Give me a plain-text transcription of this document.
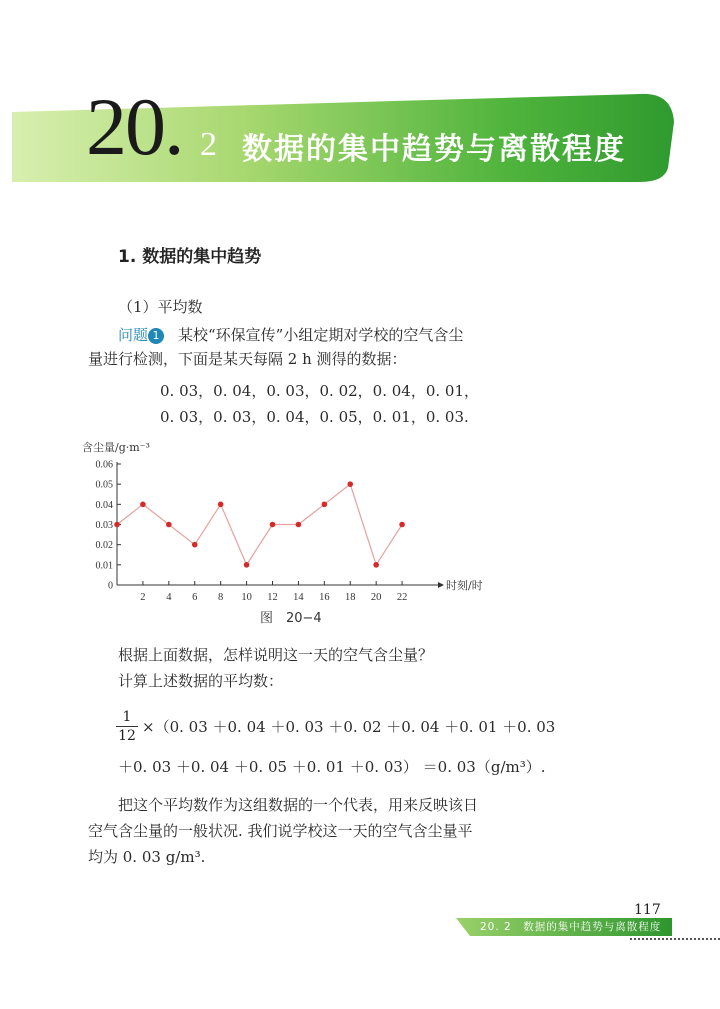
20. 2 数据的集中趋势与离散程度
1. 数据的集中趋势
（1）平均数
问题 1 某校“环保宣传”小组定期对学校的空气含尘
量进行检测，下面是某天每隔 2 h 测得的数据：
0. 03，0. 04，0. 03，0. 02，0. 04，0. 01，
0. 03，0. 03，0. 04，0. 05，0. 01，0. 03.
含尘量/g·m⁻³
时刻/时
0
0.01
0.02
0.03
0.04
0.05
0.06
2 4 6 8 10 12 14 16 18 20 22
图　20−4
根据上面数据，怎样说明这一天的空气含尘量？
计算上述数据的平均数：
$\frac{1}{12} \times(0$. 03 ＋0. 04 ＋0. 03 ＋0. 02 ＋0. 04 ＋0. 01 ＋0. 03
＋0. 03 ＋0. 04 ＋0. 05 ＋0. 01 ＋0. 03） ＝0. 03（g/m³）.
把这个平均数作为这组数据的一个代表，用来反映该日
空气含尘量的一般状况. 我们说学校这一天的空气含尘量平
均为 0. 03 g/m³.
117
20. 2　数据的集中趋势与离散程度
